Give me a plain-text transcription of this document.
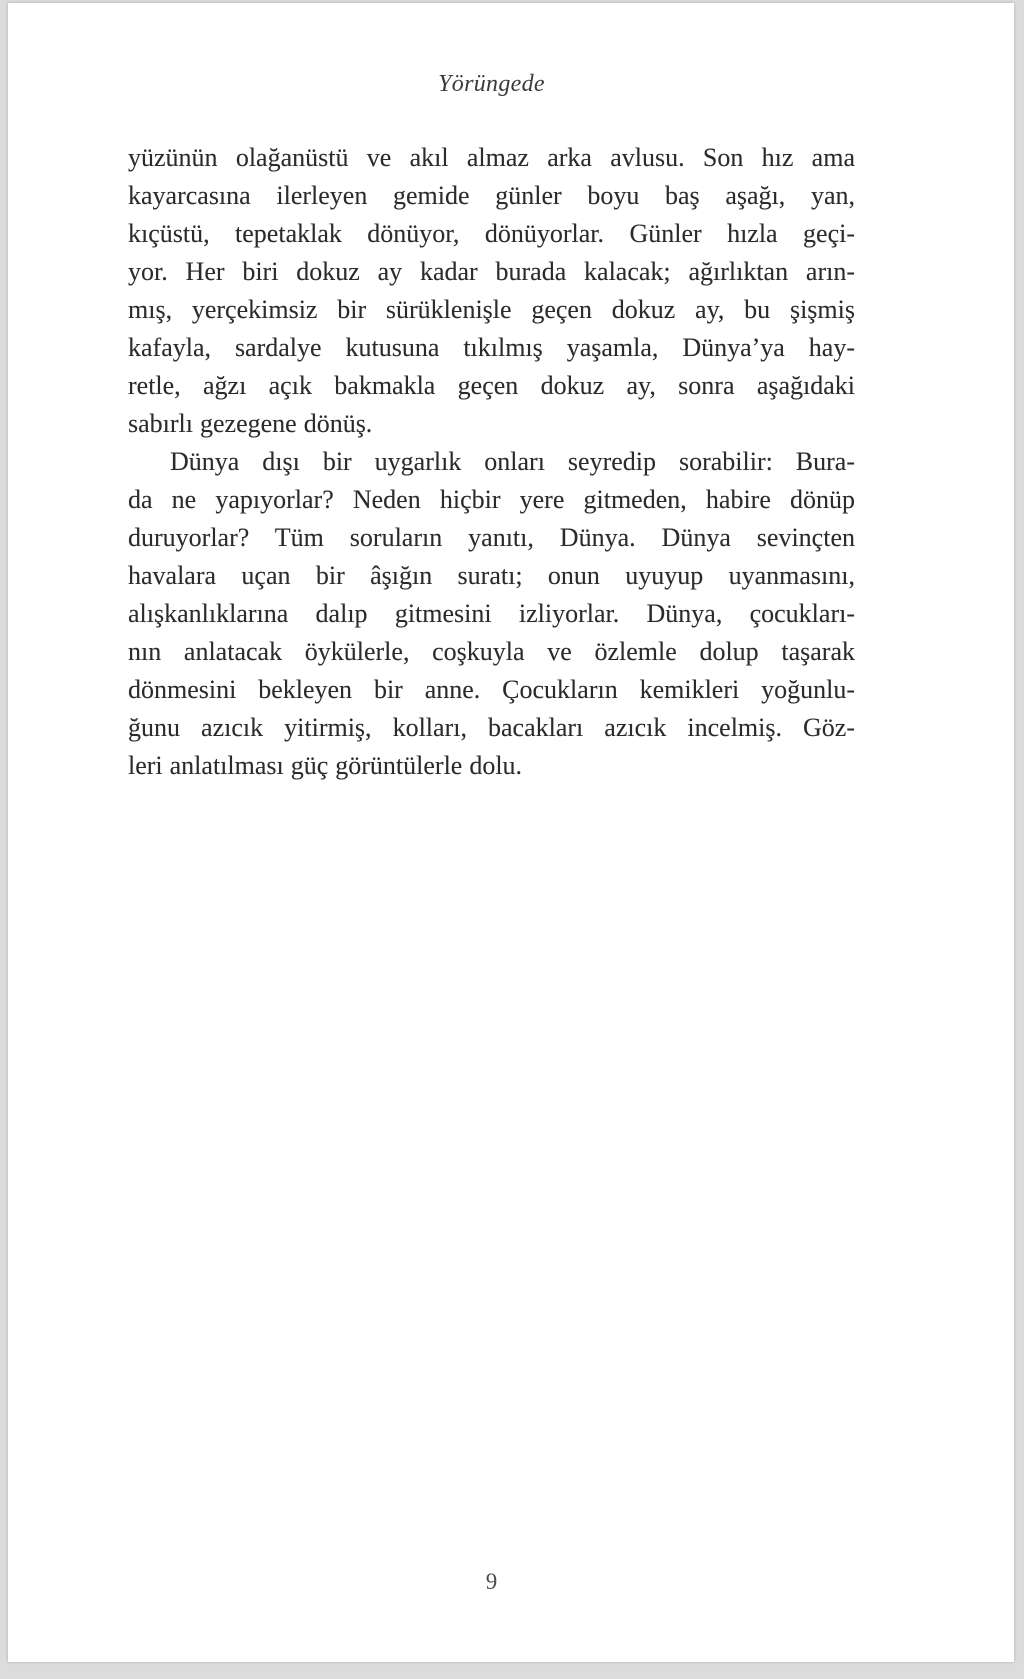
Yörüngede
yüzünün olağanüstü ve akıl almaz arka avlusu. Son hız ama
kayarcasına ilerleyen gemide günler boyu baş aşağı, yan,
kıçüstü, tepetaklak dönüyor, dönüyorlar. Günler hızla geçi-
yor. Her biri dokuz ay kadar burada kalacak; ağırlıktan arın-
mış, yerçekimsiz bir sürüklenişle geçen dokuz ay, bu şişmiş
kafayla, sardalye kutusuna tıkılmış yaşamla, Dünya’ya hay-
retle, ağzı açık bakmakla geçen dokuz ay, sonra aşağıdaki
sabırlı gezegene dönüş.
Dünya dışı bir uygarlık onları seyredip sorabilir: Bura-
da ne yapıyorlar? Neden hiçbir yere gitmeden, habire dönüp
duruyorlar? Tüm soruların yanıtı, Dünya. Dünya sevinçten
havalara uçan bir âşığın suratı; onun uyuyup uyanmasını,
alışkanlıklarına dalıp gitmesini izliyorlar. Dünya, çocukları-
nın anlatacak öykülerle, coşkuyla ve özlemle dolup taşarak
dönmesini bekleyen bir anne. Çocukların kemikleri yoğunlu-
ğunu azıcık yitirmiş, kolları, bacakları azıcık incelmiş. Göz-
leri anlatılması güç görüntülerle dolu.
9
